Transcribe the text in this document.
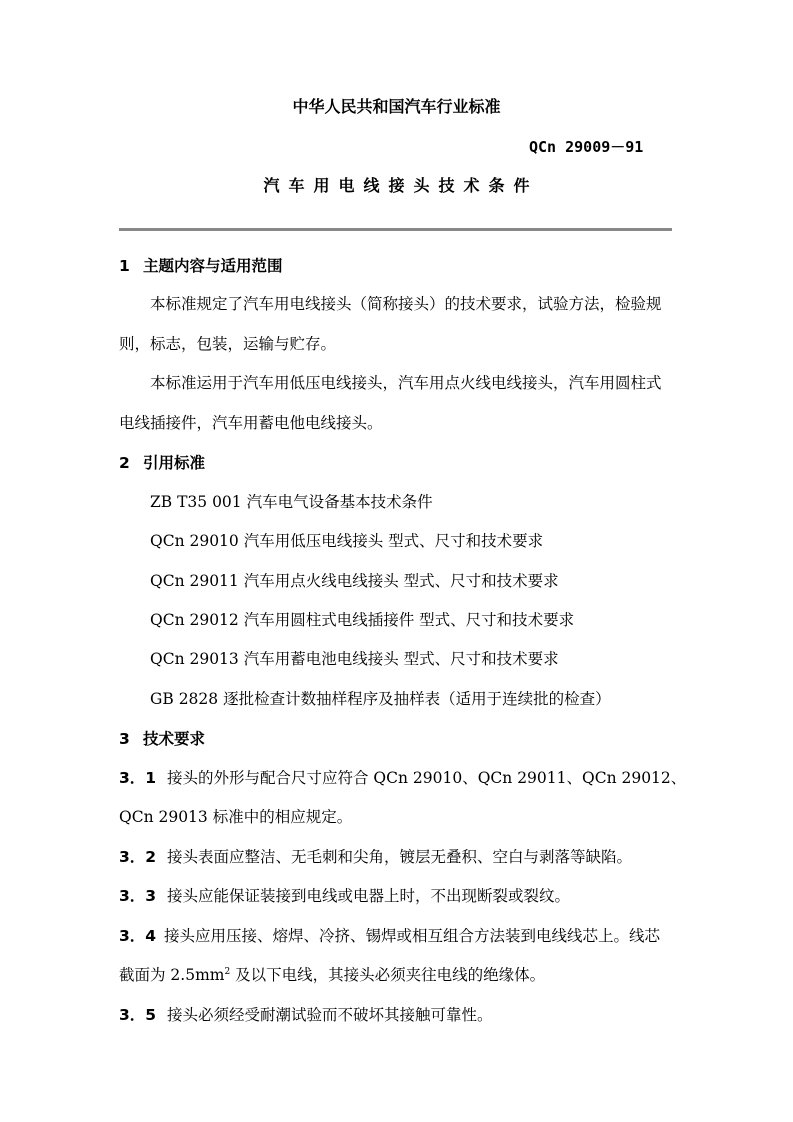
中华人民共和国汽车行业标准
QCn 29009－91
汽车用电线接头技术条件
1 主题内容与适用范围
本标准规定了汽车用电线接头（简称接头）的技术要求，试验方法，检验规
则，标志，包装，运输与贮存。
本标准运用于汽车用低压电线接头，汽车用点火线电线接头，汽车用圆柱式
电线插接件，汽车用蓄电他电线接头。
2 引用标准
ZB T35 001 汽车电气设备基本技术条件
QCn 29010 汽车用低压电线接头 型式、尺寸和技术要求
QCn 29011 汽车用点火线电线接头 型式、尺寸和技术要求
QCn 29012 汽车用圆柱式电线插接件 型式、尺寸和技术要求
QCn 29013 汽车用蓄电池电线接头 型式、尺寸和技术要求
GB 2828 逐批检查计数抽样程序及抽样表（适用于连续批的检查）
3 技术要求
3．1 接头的外形与配合尺寸应符合 QCn 29010、QCn 29011、QCn 29012、
QCn 29013 标准中的相应规定。
3．2 接头表面应整洁、无毛刺和尖角，镀层无叠积、空白与剥落等缺陷。
3．3 接头应能保证装接到电线或电器上时，不出现断裂或裂纹。
3．4 接头应用压接、熔焊、冷挤、锡焊或相互组合方法装到电线线芯上。线芯
截面为 $2.5mm^2$ 及以下电线，其接头必须夹往电线的绝缘体。
3．5 接头必须经受耐潮试验而不破坏其接触可靠性。
